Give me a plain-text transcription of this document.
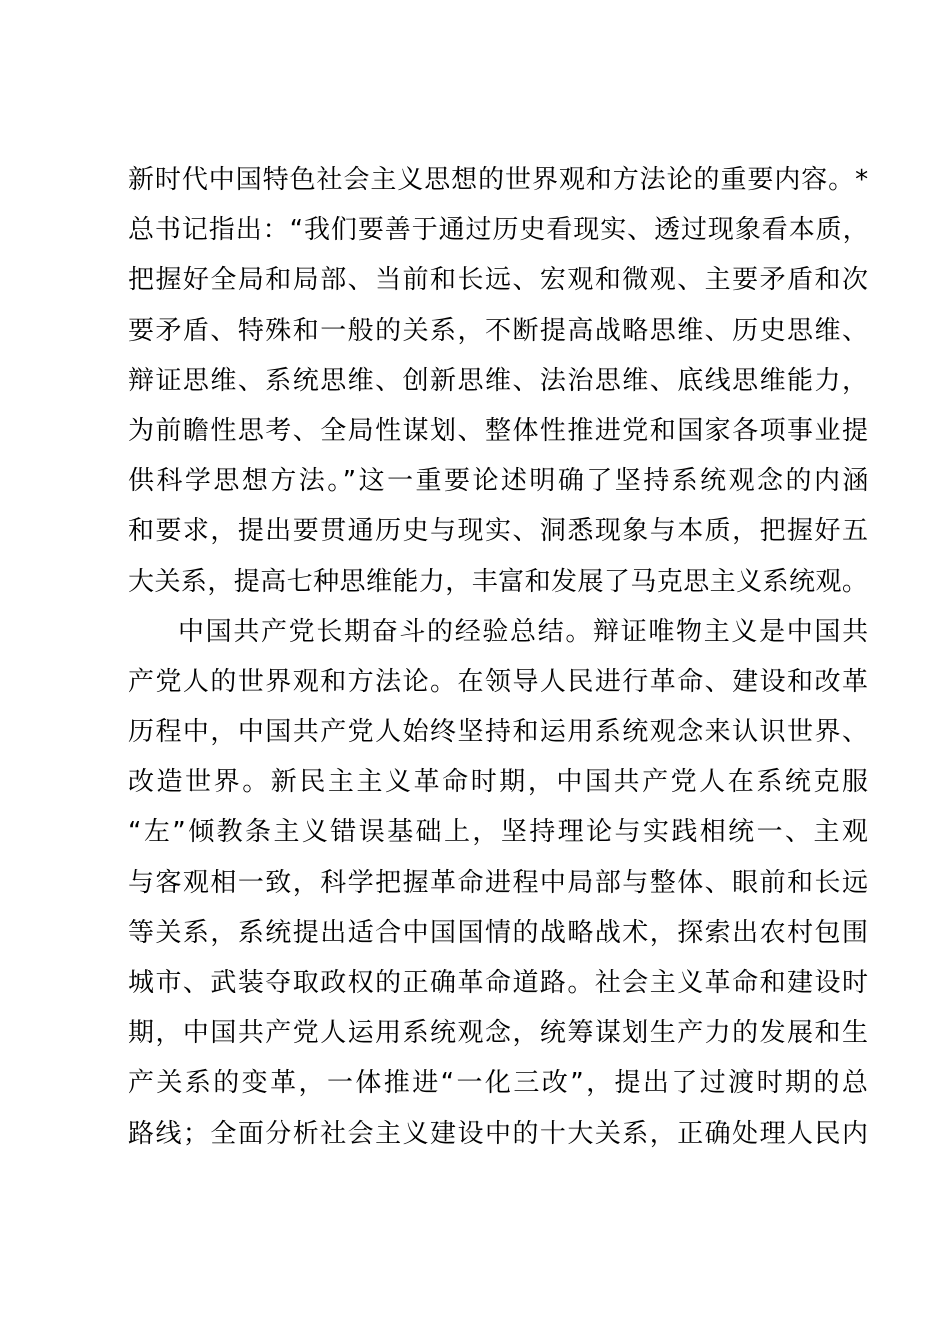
新时代中国特色社会主义思想的世界观和方法论的重要内容。*
总书记指出：“我们要善于通过历史看现实、透过现象看本质，
把握好全局和局部、当前和长远、宏观和微观、主要矛盾和次
要矛盾、特殊和一般的关系，不断提高战略思维、历史思维、
辩证思维、系统思维、创新思维、法治思维、底线思维能力，
为前瞻性思考、全局性谋划、整体性推进党和国家各项事业提
供科学思想方法。”这一重要论述明确了坚持系统观念的内涵
和要求，提出要贯通历史与现实、洞悉现象与本质，把握好五
大关系，提高七种思维能力，丰富和发展了马克思主义系统观。
中国共产党长期奋斗的经验总结。辩证唯物主义是中国共
产党人的世界观和方法论。在领导人民进行革命、建设和改革
历程中，中国共产党人始终坚持和运用系统观念来认识世界、
改造世界。新民主主义革命时期，中国共产党人在系统克服
“左”倾教条主义错误基础上，坚持理论与实践相统一、主观
与客观相一致，科学把握革命进程中局部与整体、眼前和长远
等关系，系统提出适合中国国情的战略战术，探索出农村包围
城市、武装夺取政权的正确革命道路。社会主义革命和建设时
期，中国共产党人运用系统观念，统筹谋划生产力的发展和生
产关系的变革，一体推进“一化三改”，提出了过渡时期的总
路线；全面分析社会主义建设中的十大关系，正确处理人民内
